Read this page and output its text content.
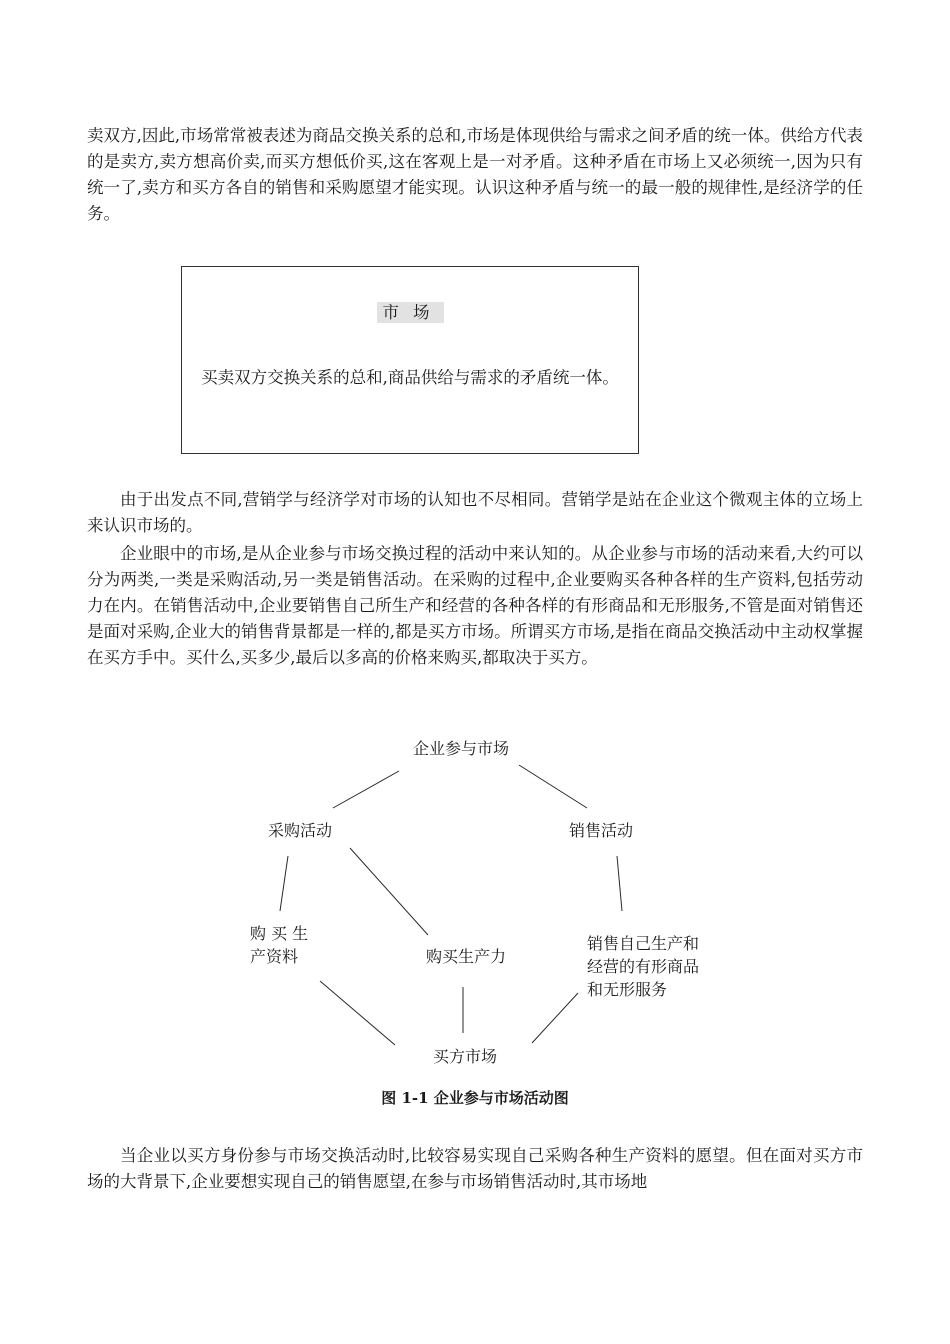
卖双方,因此,市场常常被表述为商品交换关系的总和,市场是体现供给与需求之间矛盾的统一体。供给方代表的是卖方,卖方想高价卖,而买方想低价买,这在客观上是一对矛盾。这种矛盾在市场上又必须统一,因为只有统一了,卖方和买方各自的销售和采购愿望才能实现。认识这种矛盾与统一的最一般的规律性,是经济学的任务。

市场
买卖双方交换关系的总和,商品供给与需求的矛盾统一体。

由于出发点不同,营销学与经济学对市场的认知也不尽相同。营销学是站在企业这个微观主体的立场上来认识市场的。

企业眼中的市场,是从企业参与市场交换过程的活动中来认知的。从企业参与市场的活动来看,大约可以分为两类,一类是采购活动,另一类是销售活动。在采购的过程中,企业要购买各种各样的生产资料,包括劳动力在内。在销售活动中,企业要销售自己所生产和经营的各种各样的有形商品和无形服务,不管是面对销售还是面对采购,企业大的销售背景都是一样的,都是买方市场。所谓买方市场,是指在商品交换活动中主动权掌握在买方手中。买什么,买多少,最后以多高的价格来购买,都取决于买方。

企业参与市场
采购活动	销售活动
购 买 生
产资料	购买生产力
销售自己生产和
经营的有形商品
和无形服务
买方市场
图 1-1 企业参与市场活动图

当企业以买方身份参与市场交换活动时,比较容易实现自己采购各种生产资料的愿望。但在面对买方市场的大背景下,企业要想实现自己的销售愿望,在参与市场销售活动时,其市场地
